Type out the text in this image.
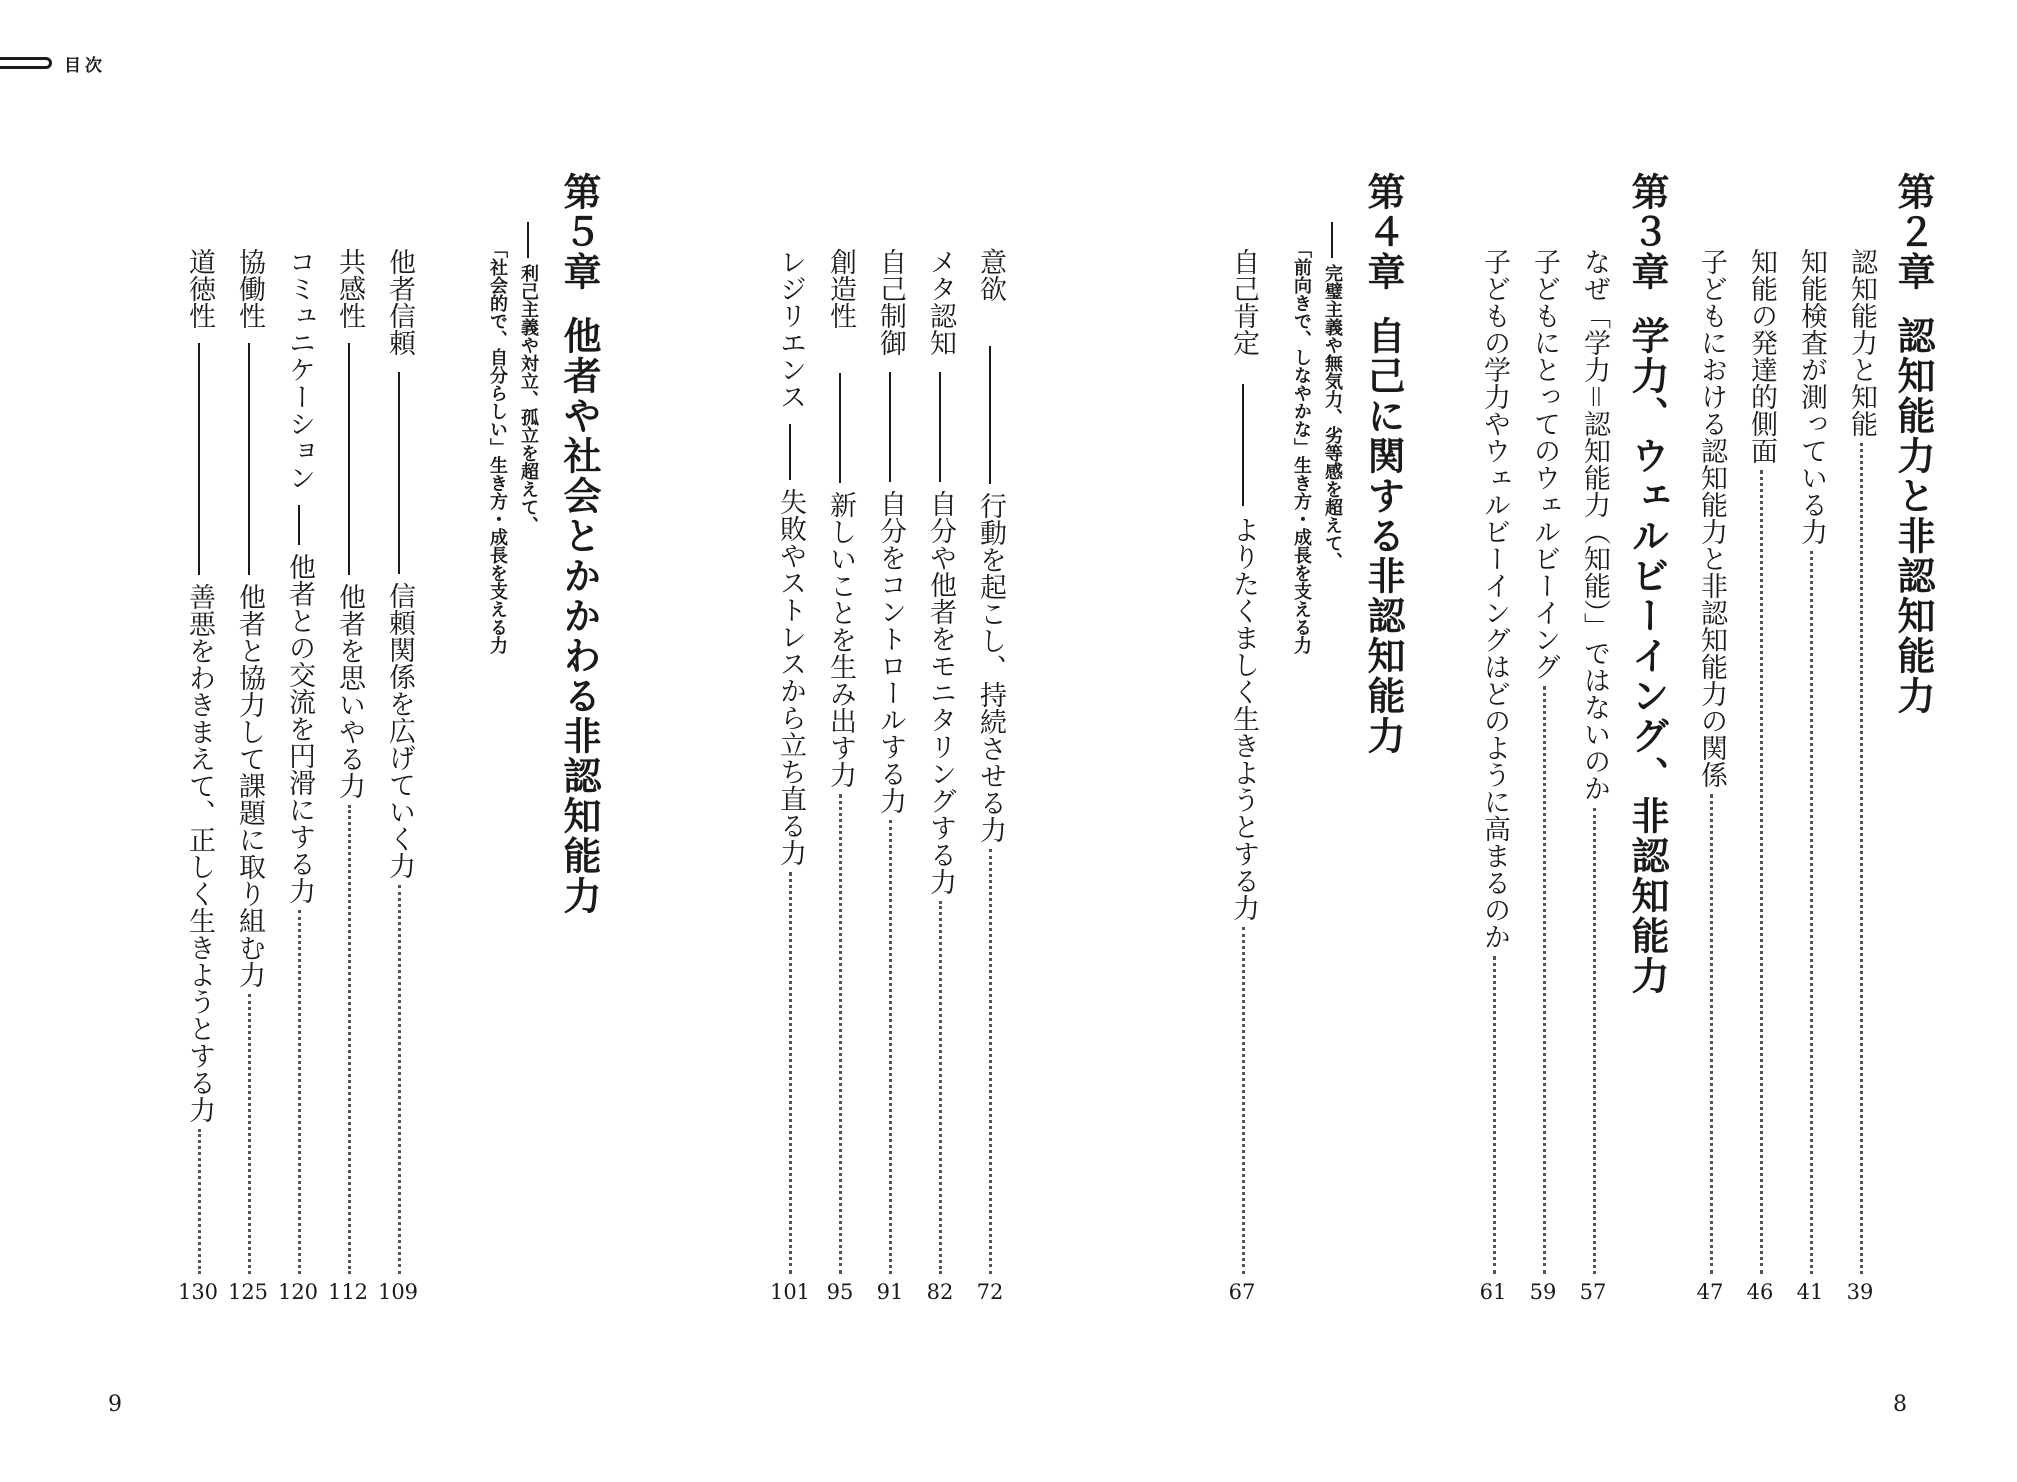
目次
第２章認知能力と非認知能力
認知能力と知能
39
知能検査が測っている力
41
知能の発達的側面
46
子どもにおける認知能力と非認知能力の関係
47
第３章学力、ウェルビーイング、非認知能力
なぜ「学力＝認知能力（知能）」ではないのか
57
子どもにとってのウェルビーイング
59
子どもの学力やウェルビーイングはどのように高まるのか
61
第４章自己に関する非認知能力
完璧主義や無気力、劣等感を超えて、
「前向きで、しなやかな」生き方・成長を支える力
自己肯定
よりたくましく生きようとする力
67
意欲
行動を起こし、持続させる力
72
メタ認知
自分や他者をモニタリングする力
82
自己制御
自分をコントロールする力
91
創造性
新しいことを生み出す力
95
レジリエンス
失敗やストレスから立ち直る力
101
第５章他者や社会とかかわる非認知能力
利己主義や対立、孤立を超えて、
「社会的で、自分らしい」生き方・成長を支える力
他者信頼
信頼関係を広げていく力
109
共感性
他者を思いやる力
112
コミュニケーション
他者との交流を円滑にする力
120
協働性
他者と協力して課題に取り組む力
125
道徳性
善悪をわきまえて、正しく生きようとする力
130
9	8
